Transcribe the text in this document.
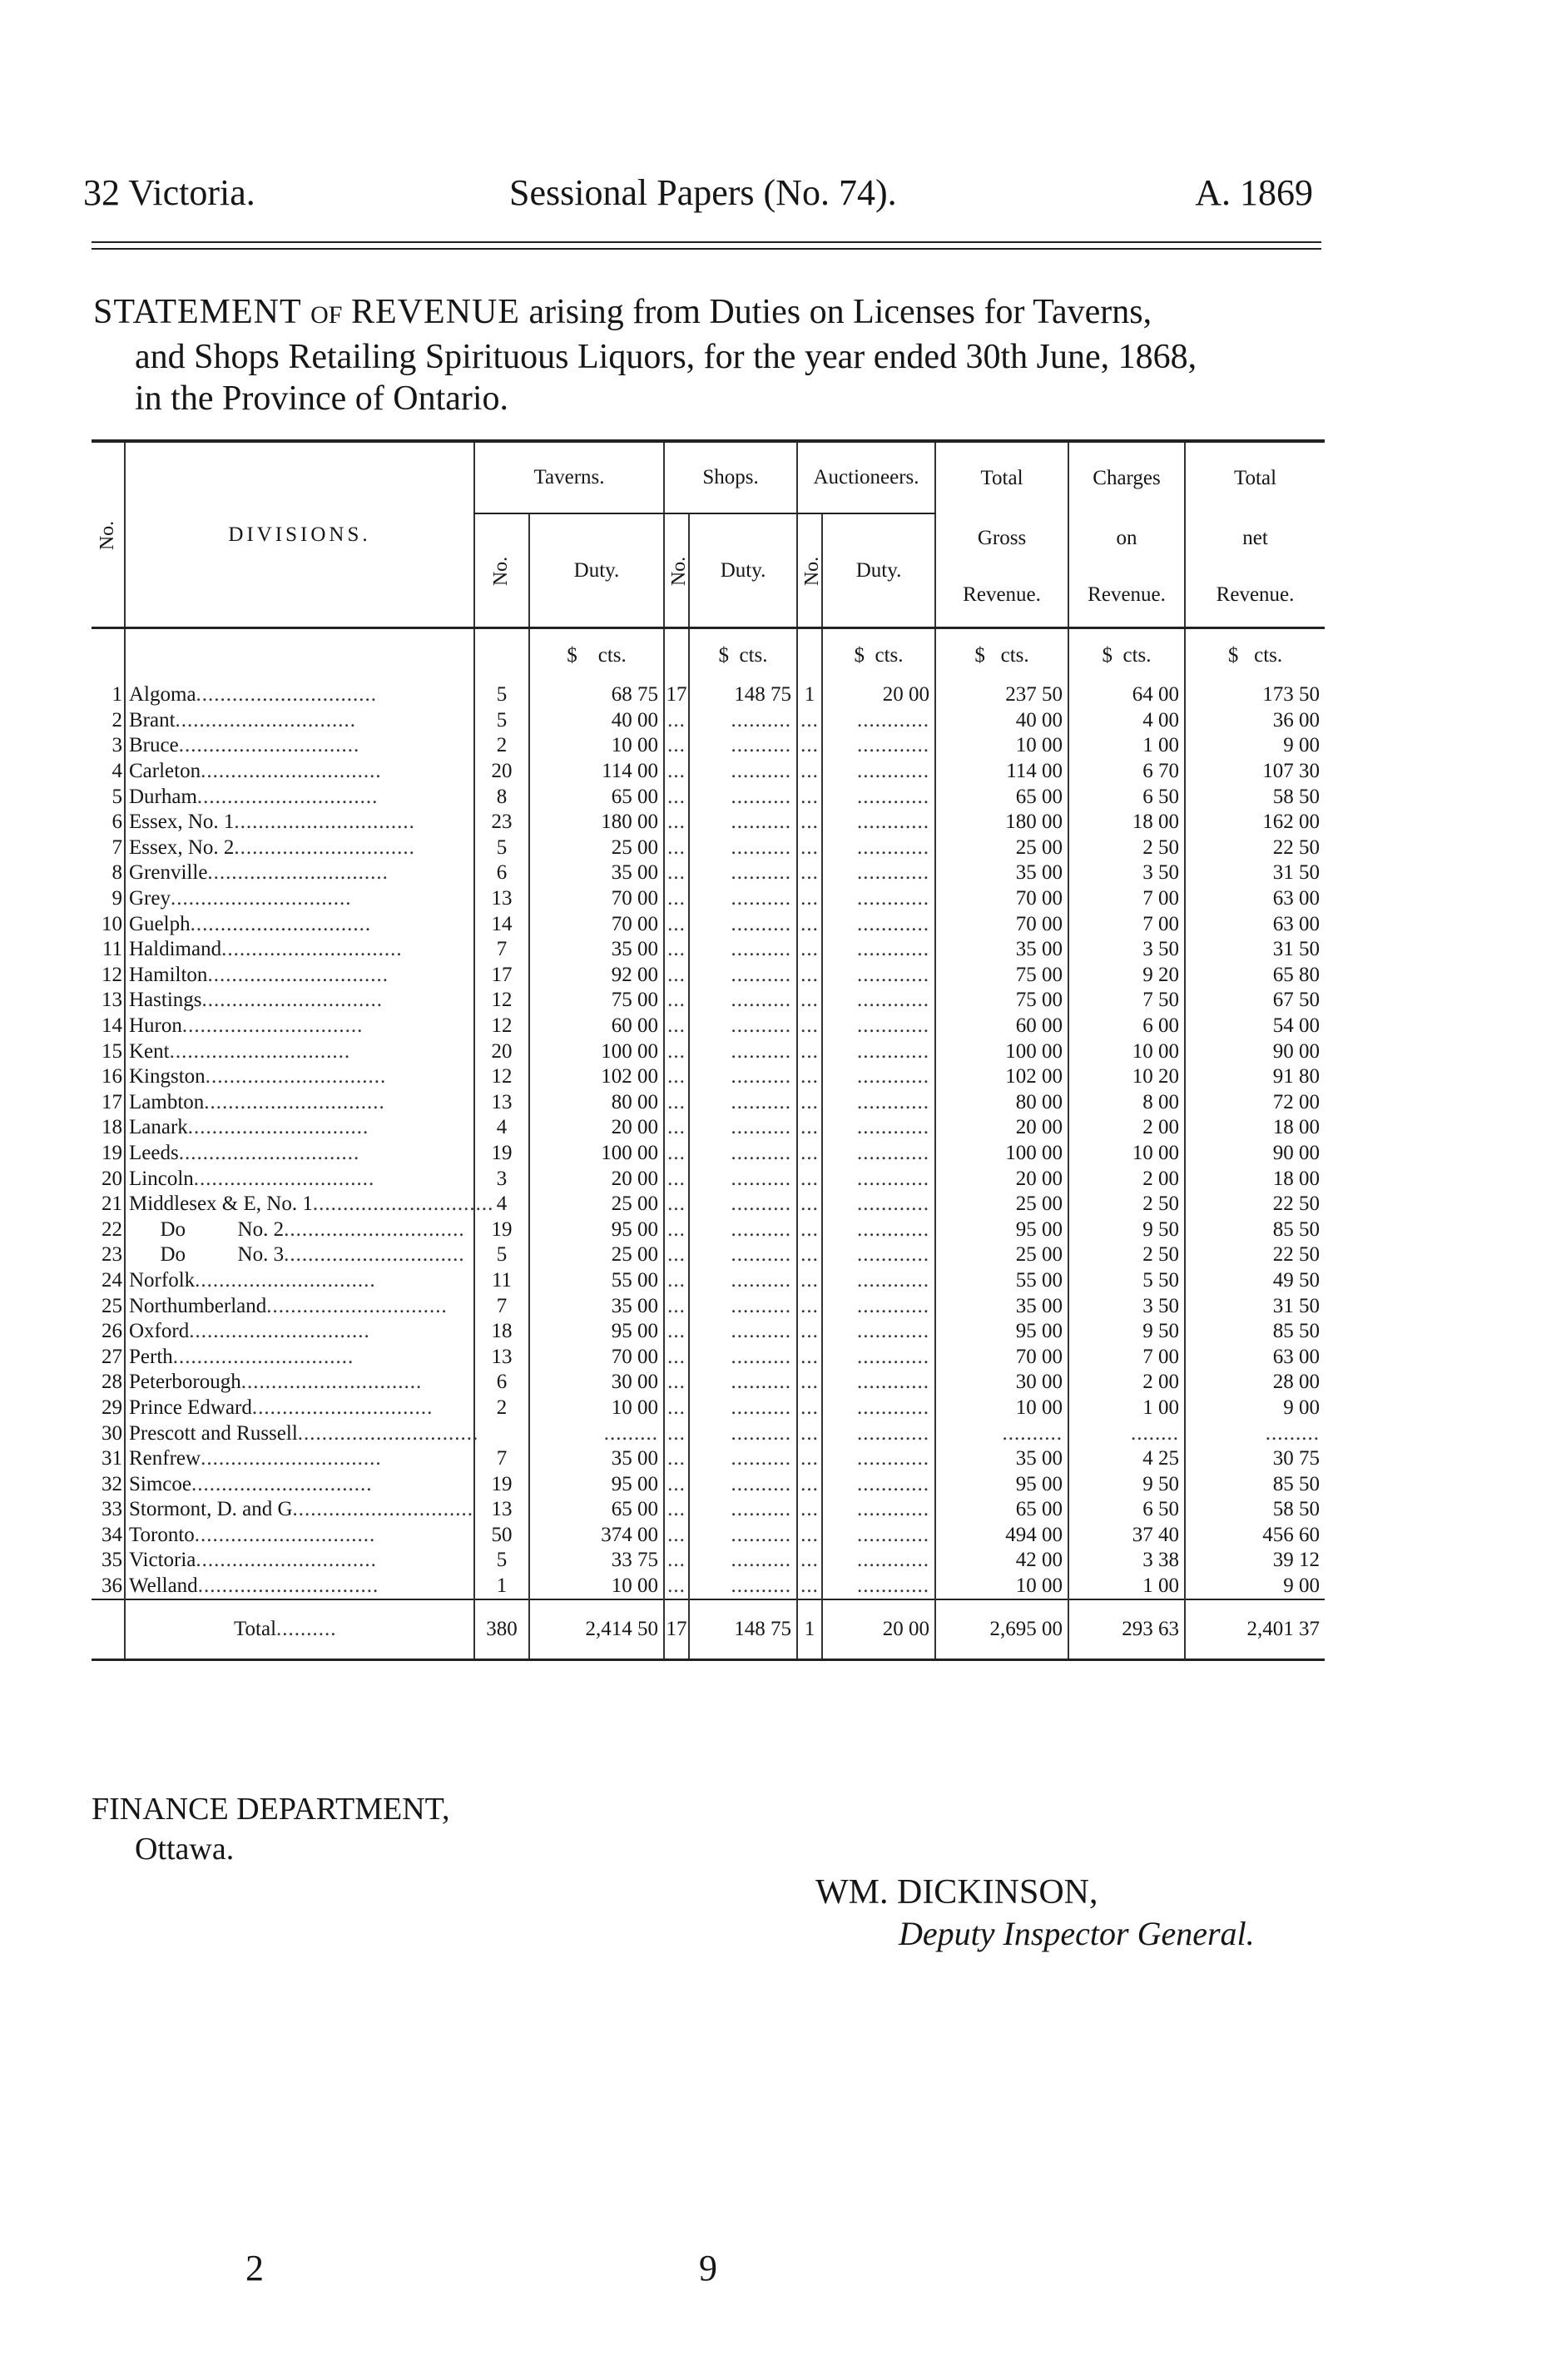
32 Victoria.	Sessional Papers (No. 74).	A. 1869
STATEMENT OF REVENUE arising from Duties on Licenses for Taverns,
and Shops Retailing Spirituous Liquors, for the year ended 30th June, 1868,
in the Province of Ontario.
No.	DIVISIONS.	Taverns.		Shops.		Auctioneers.		Total	Charges	Total
		No.	Duty.	No.	Duty.	No.	Duty.	Gross	on	net
								Revenue.	Revenue.	Revenue.
			$ cts.		$ cts.		$ cts.	$ cts.	$ cts.	$ cts.
1	Algoma..............................	5	68 75	17	148 75	1	20 00	237 50	64 00	173 50
2	Brant..............................	5	40 00	...	..........	...	............	40 00	4 00	36 00
3	Bruce..............................	2	10 00	...	..........	...	............	10 00	1 00	9 00
4	Carleton..............................	20	114 00	...	..........	...	............	114 00	6 70	107 30
5	Durham..............................	8	65 00	...	..........	...	............	65 00	6 50	58 50
6	Essex, No. 1..............................	23	180 00	...	..........	...	............	180 00	18 00	162 00
7	Essex, No. 2..............................	5	25 00	...	..........	...	............	25 00	2 50	22 50
8	Grenville..............................	6	35 00	...	..........	...	............	35 00	3 50	31 50
9	Grey..............................	13	70 00	...	..........	...	............	70 00	7 00	63 00
10	Guelph..............................	14	70 00	...	..........	...	............	70 00	7 00	63 00
11	Haldimand..............................	7	35 00	...	..........	...	............	35 00	3 50	31 50
12	Hamilton..............................	17	92 00	...	..........	...	............	75 00	9 20	65 80
13	Hastings..............................	12	75 00	...	..........	...	............	75 00	7 50	67 50
14	Huron..............................	12	60 00	...	..........	...	............	60 00	6 00	54 00
15	Kent..............................	20	100 00	...	..........	...	............	100 00	10 00	90 00
16	Kingston..............................	12	102 00	...	..........	...	............	102 00	10 20	91 80
17	Lambton..............................	13	80 00	...	..........	...	............	80 00	8 00	72 00
18	Lanark..............................	4	20 00	...	..........	...	............	20 00	2 00	18 00
19	Leeds..............................	19	100 00	...	..........	...	............	100 00	10 00	90 00
20	Lincoln..............................	3	20 00	...	..........	...	............	20 00	2 00	18 00
21	Middlesex & E, No. 1..............................	4	25 00	...	..........	...	............	25 00	2 50	22 50
22	Do          No. 2..............................	19	95 00	...	..........	...	............	95 00	9 50	85 50
23	Do          No. 3..............................	5	25 00	...	..........	...	............	25 00	2 50	22 50
24	Norfolk..............................	11	55 00	...	..........	...	............	55 00	5 50	49 50
25	Northumberland..............................	7	35 00	...	..........	...	............	35 00	3 50	31 50
26	Oxford..............................	18	95 00	...	..........	...	............	95 00	9 50	85 50
27	Perth..............................	13	70 00	...	..........	...	............	70 00	7 00	63 00
28	Peterborough..............................	6	30 00	...	..........	...	............	30 00	2 00	28 00
29	Prince Edward..............................	2	10 00	...	..........	...	............	10 00	1 00	9 00
30	Prescott and Russell..............................		.........	...	..........	...	............	..........	........	.........
31	Renfrew..............................	7	35 00	...	..........	...	............	35 00	4 25	30 75
32	Simcoe..............................	19	95 00	...	..........	...	............	95 00	9 50	85 50
33	Stormont, D. and G..............................	13	65 00	...	..........	...	............	65 00	6 50	58 50
34	Toronto..............................	50	374 00	...	..........	...	............	494 00	37 40	456 60
35	Victoria..............................	5	33 75	...	..........	...	............	42 00	3 38	39 12
36	Welland..............................	1	10 00	...	..........	...	............	10 00	1 00	9 00
	Total..........	380	2,414 50	17	148 75	1	20 00	2,695 00	293 63	2,401 37
FINANCE DEPARTMENT,
Ottawa.
WM. DICKINSON,
Deputy Inspector General.
2	9
